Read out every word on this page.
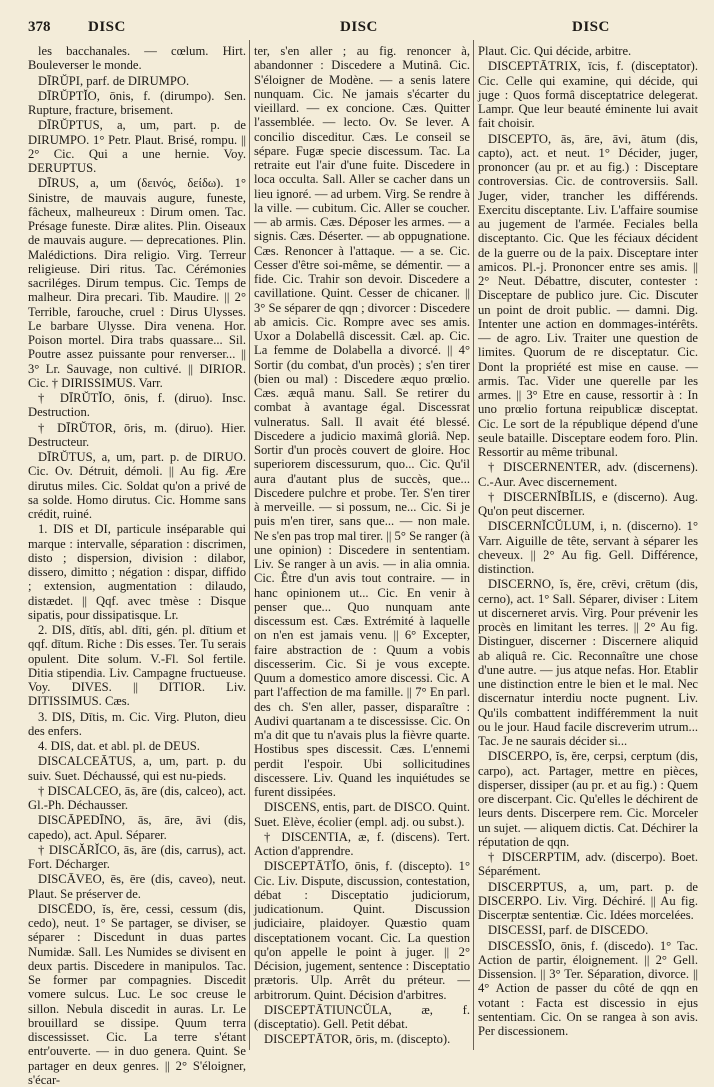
378	DISC	DISC	DISC

les bacchanales. — cœlum. Hirt. Bouleverser le monde.

DĪRŬPI, parf. de DIRUMPO.

DĪRŬPTĬO, ōnis, f. (dirumpo). Sen. Rupture, fracture, brisement.

DĪRŬPTUS, a, um, part. p. de DIRUMPO. 1° Petr. Plaut. Brisé, rompu. || 2° Cic. Qui a une hernie. Voy. DERUPTUS.

DĪRUS, a, um (δεινός, δείδω). 1° Sinistre, de mauvais augure, funeste, fâcheux, malheureux : Dirum omen. Tac. Présage funeste. Diræ alites. Plin. Oiseaux de mauvais augure. — deprecationes. Plin. Malédictions. Dira religio. Virg. Terreur religieuse. Diri ritus. Tac. Cérémonies sacriléges. Dirum tempus. Cic. Temps de malheur. Dira precari. Tib. Maudire. || 2° Terrible, farouche, cruel : Dirus Ulysses. Le barbare Ulysse. Dira venena. Hor. Poison mortel. Dira trabs quassare... Sil. Poutre assez puissante pour renverser... || 3° Lr. Sauvage, non cultivé. || DIRIOR. Cic. † DIRISSIMUS. Varr.

† DĪRŬTĬO, ōnis, f. (diruo). Insc. Destruction.

† DĪRŬTOR, ōris, m. (diruo). Hier. Destructeur.

DĪRŬTUS, a, um, part. p. de DIRUO. Cic. Ov. Détruit, démoli. || Au fig. Ære dirutus miles. Cic. Soldat qu'on a privé de sa solde. Homo dirutus. Cic. Homme sans crédit, ruiné.

1. DIS et DI, particule inséparable qui marque : intervalle, séparation : discrimen, disto ; dispersion, division : dilabor, dissero, dimitto ; négation : dispar, diffido ; extension, augmentation : dilaudo, distædet. || Qqf. avec tmèse : Disque sipatis, pour dissipatisque. Lr.

2. DIS, dĭtĭs, abl. dīti, gén. pl. dītium et qqf. dītum. Riche : Dis esses. Ter. Tu serais opulent. Dite solum. V.-Fl. Sol fertile. Ditia stipendia. Liv. Campagne fructueuse. Voy. DIVES. || DITIOR. Liv. DITISSIMUS. Cæs.

3. DIS, Dītis, m. Cic. Virg. Pluton, dieu des enfers.

4. DIS, dat. et abl. pl. de DEUS.

DISCALCEĀTUS, a, um, part. p. du suiv. Suet. Déchaussé, qui est nu-pieds.

† DISCALCEO, ās, āre (dis, calceo), act. Gl.-Ph. Déchausser.

DISCĀPEDĪNO, ās, āre, āvi (dis, capedo), act. Apul. Séparer.

† DISCĂRĬCO, ās, āre (dis, carrus), act. Fort. Décharger.

DISCĀVEO, ēs, ēre (dis, caveo), neut. Plaut. Se préserver de.

DISCĒDO, ĭs, ĕre, cessi, cessum (dis, cedo), neut. 1° Se partager, se diviser, se séparer : Discedunt in duas partes Numidæ. Sall. Les Numides se divisent en deux partis. Discedere in manipulos. Tac. Se former par compagnies. Discedit vomere sulcus. Luc. Le soc creuse le sillon. Nebula discedit in auras. Lr. Le brouillard se dissipe. Quum terra discessisset. Cic. La terre s'étant entr'ouverte. — in duo genera. Quint. Se partager en deux genres. || 2° S'éloigner, s'écar-

ter, s'en aller ; au fig. renoncer à, abandonner : Discedere a Mutinâ. Cic. S'éloigner de Modène. — a senis latere nunquam. Cic. Ne jamais s'écarter du vieillard. — ex concione. Cæs. Quitter l'assemblée. — lecto. Ov. Se lever. A concilio disceditur. Cæs. Le conseil se sépare. Fugæ specie discessum. Tac. La retraite eut l'air d'une fuite. Discedere in loca occulta. Sall. Aller se cacher dans un lieu ignoré. — ad urbem. Virg. Se rendre à la ville. — cubitum. Cic. Aller se coucher. — ab armis. Cæs. Déposer les armes. — a signis. Cæs. Déserter. — ab oppugnatione. Cæs. Renoncer à l'attaque. — a se. Cic. Cesser d'être soi-même, se démentir. — a fide. Cic. Trahir son devoir. Discedere a cavillatione. Quint. Cesser de chicaner. || 3° Se séparer de qqn ; divorcer : Discedere ab amicis. Cic. Rompre avec ses amis. Uxor a Dolabellâ discessit. Cæl. ap. Cic. La femme de Dolabella a divorcé. || 4° Sortir (du combat, d'un procès) ; s'en tirer (bien ou mal) : Discedere æquo prœlio. Cæs. æquâ manu. Sall. Se retirer du combat à avantage égal. Discessrat vulneratus. Sall. Il avait été blessé. Discedere a judicio maximâ gloriâ. Nep. Sortir d'un procès couvert de gloire. Hoc superiorem discessurum, quo... Cic. Qu'il aura d'autant plus de succès, que... Discedere pulchre et probe. Ter. S'en tirer à merveille. — si possum, ne... Cic. Si je puis m'en tirer, sans que... — non male. Ne s'en pas trop mal tirer. || 5° Se ranger (à une opinion) : Discedere in sententiam. Liv. Se ranger à un avis. — in alia omnia. Cic. Être d'un avis tout contraire. — in hanc opinionem ut... Cic. En venir à penser que... Quo nunquam ante discessum est. Cæs. Extrémité à laquelle on n'en est jamais venu. || 6° Excepter, faire abstraction de : Quum a vobis discesserim. Cic. Si je vous excepte. Quum a domestico amore discessi. Cic. A part l'affection de ma famille. || 7° En parl. des ch. S'en aller, passer, disparaître : Audivi quartanam a te discessisse. Cic. On m'a dit que tu n'avais plus la fièvre quarte. Hostibus spes discessit. Cæs. L'ennemi perdit l'espoir. Ubi sollicitudines discessere. Liv. Quand les inquiétudes se furent dissipées.

DISCENS, entis, part. de DISCO. Quint. Suet. Elève, écolier (empl. adj. ou subst.).

† DISCENTIA, æ, f. (discens). Tert. Action d'apprendre.

DISCEPTĀTĬO, ōnis, f. (discepto). 1° Cic. Liv. Dispute, discussion, contestation, débat : Disceptatio judiciorum, judicationum. Quint. Discussion judiciaire, plaidoyer. Quæstio quam disceptationem vocant. Cic. La question qu'on appelle le point à juger. || 2° Décision, jugement, sentence : Disceptatio prætoris. Ulp. Arrêt du préteur. — arbitrorum. Quint. Décision d'arbitres.

DISCEPTĀTIUNCŬLA, æ, f. (disceptatio). Gell. Petit débat.

DISCEPTĀTOR, ōris, m. (discepto).

Plaut. Cic. Qui décide, arbitre.

DISCEPTĀTRIX, īcis, f. (disceptator). Cic. Celle qui examine, qui décide, qui juge : Quos formâ disceptatrice delegerat. Lampr. Que leur beauté éminente lui avait fait choisir.

DISCEPTO, ās, āre, āvi, ātum (dis, capto), act. et neut. 1° Décider, juger, prononcer (au pr. et au fig.) : Disceptare controversias. Cic. de controversiis. Sall. Juger, vider, trancher les différends. Exercitu disceptante. Liv. L'affaire soumise au jugement de l'armée. Feciales bella disceptanto. Cic. Que les féciaux décident de la guerre ou de la paix. Disceptare inter amicos. Pl.-j. Prononcer entre ses amis. || 2° Neut. Débattre, discuter, contester : Disceptare de publico jure. Cic. Discuter un point de droit public. — damni. Dig. Intenter une action en dommages-intérêts. — de agro. Liv. Traiter une question de limites. Quorum de re disceptatur. Cic. Dont la propriété est mise en cause. — armis. Tac. Vider une querelle par les armes. || 3° Etre en cause, ressortir à : In uno prœlio fortuna reipublicæ disceptat. Cic. Le sort de la république dépend d'une seule bataille. Disceptare eodem foro. Plin. Ressortir au même tribunal.

† DISCERNENTER, adv. (discernens). C.-Aur. Avec discernement.

† DISCERNĬBĬLIS, e (discerno). Aug. Qu'on peut discerner.

DISCERNĬCŬLUM, i, n. (discerno). 1° Varr. Aiguille de tête, servant à séparer les cheveux. || 2° Au fig. Gell. Différence, distinction.

DISCERNO, ĭs, ĕre, crēvi, crētum (dis, cerno), act. 1° Sall. Séparer, diviser : Litem ut discerneret arvis. Virg. Pour prévenir les procès en limitant les terres. || 2° Au fig. Distinguer, discerner : Discernere aliquid ab aliquâ re. Cic. Reconnaître une chose d'une autre. — jus atque nefas. Hor. Etablir une distinction entre le bien et le mal. Nec discernatur interdiu nocte pugnent. Liv. Qu'ils combattent indifféremment la nuit ou le jour. Haud facile discreverim utrum... Tac. Je ne saurais décider si...

DISCERPO, ĭs, ĕre, cerpsi, cerptum (dis, carpo), act. Partager, mettre en pièces, disperser, dissiper (au pr. et au fig.) : Quem ore discerpant. Cic. Qu'elles le déchirent de leurs dents. Discerpere rem. Cic. Morceler un sujet. — aliquem dictis. Cat. Déchirer la réputation de qqn.

† DISCERPTIM, adv. (discerpo). Boet. Séparément.

DISCERPTUS, a, um, part. p. de DISCERPO. Liv. Virg. Déchiré. || Au fig. Discerptæ sententiæ. Cic. Idées morcelées.

DISCESSI, parf. de DISCEDO.

DISCESSĬO, ōnis, f. (discedo). 1° Tac. Action de partir, éloignement. || 2° Gell. Dissension. || 3° Ter. Séparation, divorce. || 4° Action de passer du côté de qqn en votant : Facta est discessio in ejus sententiam. Cic. On se rangea à son avis. Per discessionem.
